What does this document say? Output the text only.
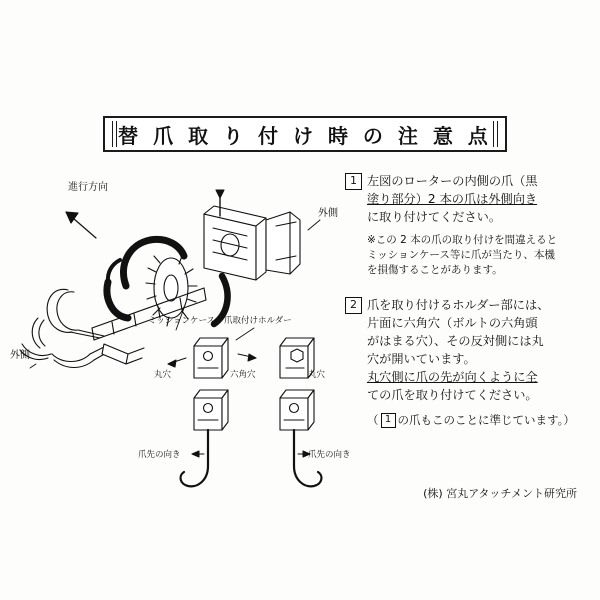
替 爪 取 り 付 け 時 の 注 意 点
進行方向
外側
外側
ミッションケース 爪取付けホルダー
丸穴	六角穴	丸穴
爪先の向き	爪先の向き
1 左図のローターの内側の爪（黒
塗り部分）2 本の爪は外側向き
に取り付けてください。
※この 2 本の爪の取り付けを間違えると
ミッションケース等に爪が当たり、本機
を損傷することがあります。
2 爪を取り付けるホルダー部には、
片面に六角穴（ボルトの六角頭
がはまる穴）、その反対側には丸
穴が開いています。
丸穴側に爪の先が向くように全
ての爪を取り付けてください。
（ 1 の爪もこのことに準じています。）
(株) 宮丸アタッチメント研究所
